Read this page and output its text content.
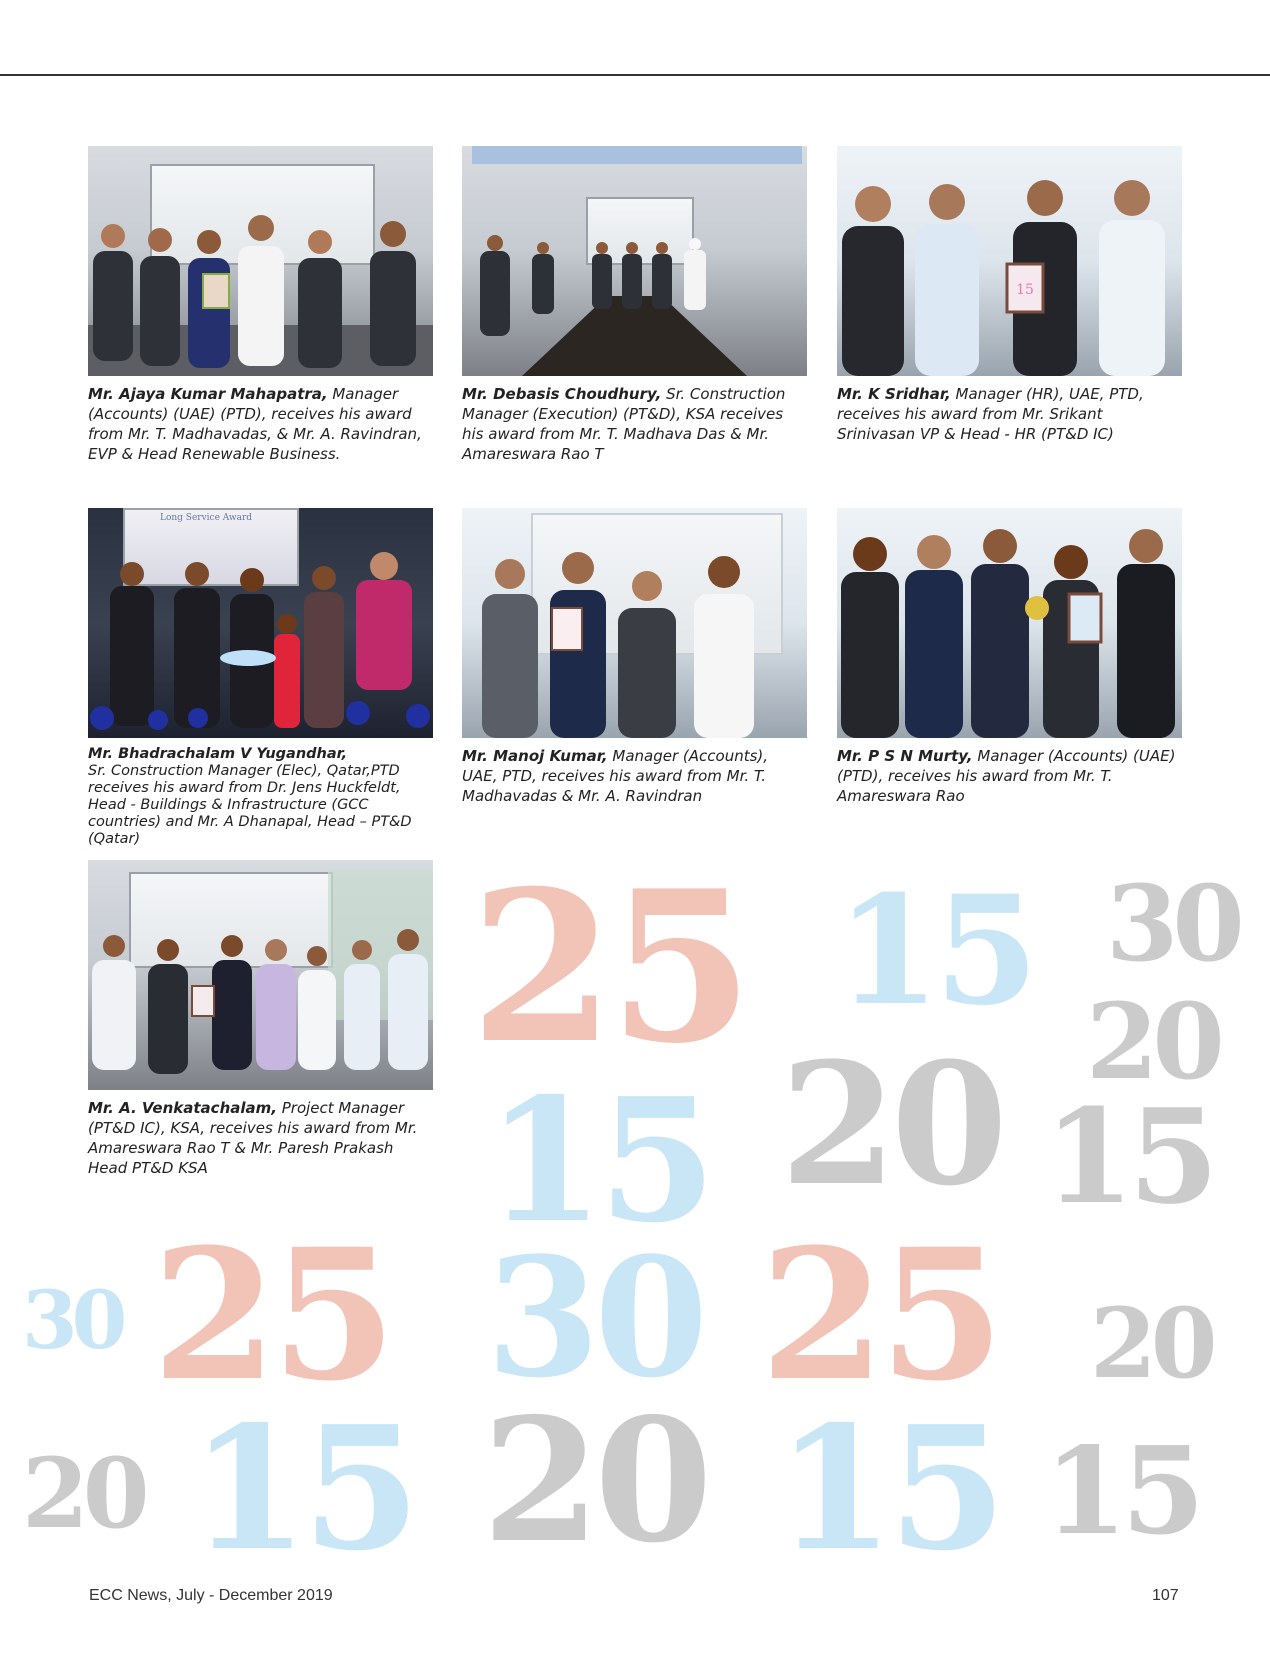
Mr. Ajaya Kumar Mahapatra, Manager (Accounts) (UAE) (PTD), receives his award from Mr. T. Madhavadas, & Mr. A. Ravindran, EVP & Head Renewable Business.

Mr. Debasis Choudhury, Sr. Construction Manager (Execution) (PT&D), KSA receives his award from Mr. T. Madhava Das & Mr. Amareswara Rao T

15

Mr. K Sridhar, Manager (HR), UAE, PTD, receives his award from Mr. Srikant Srinivasan VP & Head - HR (PT&D IC)

Long Service Award

Mr. Bhadrachalam V Yugandhar,
Sr. Construction Manager (Elec), Qatar,PTD receives his award from Dr. Jens Huckfeldt, Head - Buildings & Infrastructure (GCC countries) and Mr. A Dhanapal, Head – PT&D (Qatar)

Mr. Manoj Kumar, Manager (Accounts), UAE, PTD, receives his award from Mr. T. Madhavadas & Mr. A. Ravindran

Mr. P S N Murty, Manager (Accounts) (UAE) (PTD), receives his award from Mr. T. Amareswara Rao

Mr. A. Venkatachalam, Project Manager (PT&D IC), KSA, receives his award from Mr. Amareswara Rao T & Mr. Paresh Prakash Head PT&D KSA

25 15 30
20
20
15	15
30 25 30 25 20
20 15 20 15 15
ECC News, July - December 2019	107
